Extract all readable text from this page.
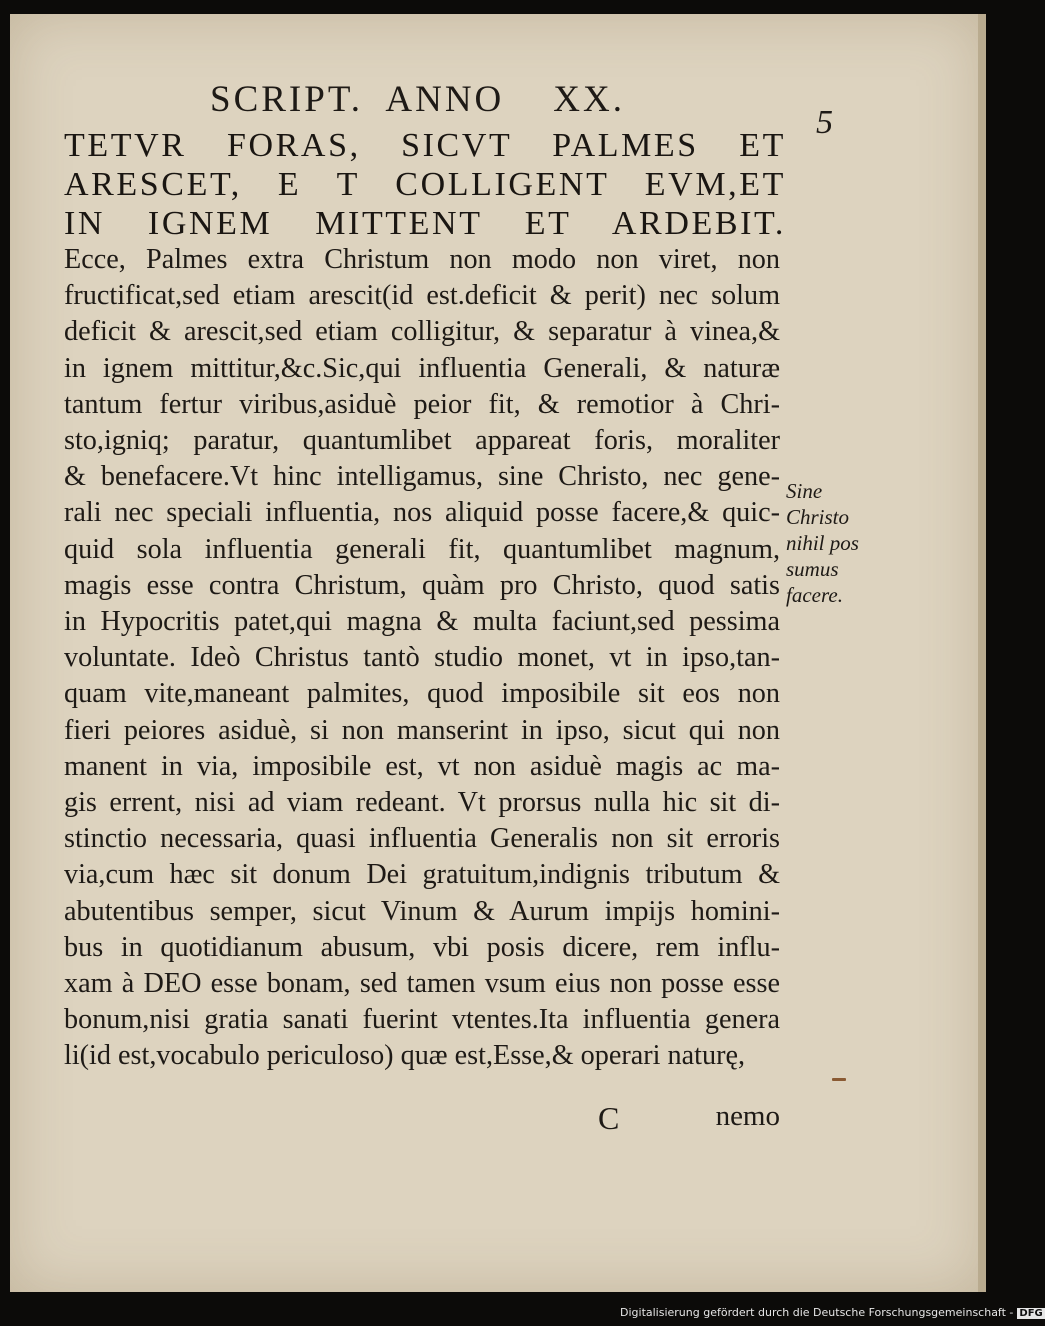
SCRIPT.  ANNO    XX.
5
TETVR FORAS, SICVT PALMES ET
ARESCET, E T COLLIGENT EVM,ET
IN IGNEM MITTENT ET ARDEBIT.
Ecce, Palmes extra Christum non modo non viret, non
fructificat,sed etiam arescit(id est.deficit & perit) nec solum
deficit & arescit,sed etiam colligitur, & separatur à vinea,&
in ignem mittitur,&c.Sic,qui influentia Generali, & naturæ
tantum fertur viribus,asiduè peior fit, & remotior à Chri-
sto,igniq; paratur, quantumlibet appareat foris, moraliter
& benefacere.Vt hinc intelligamus, sine Christo, nec gene-
rali nec speciali influentia, nos aliquid posse facere,& quic-
quid sola influentia generali fit, quantumlibet magnum,
magis esse contra Christum, quàm pro Christo, quod satis
in Hypocritis patet,qui magna & multa faciunt,sed pessima
voluntate. Ideò Christus tantò studio monet, vt in ipso,tan-
quam vite,maneant palmites, quod imposibile sit eos non
fieri peiores asiduè, si non manserint in ipso, sicut qui non
manent in via, imposibile est, vt non asiduè magis ac ma-
gis errent, nisi ad viam redeant. Vt prorsus nulla hic sit di-
stinctio necessaria, quasi influentia Generalis non sit erroris
via,cum hæc sit donum Dei gratuitum,indignis tributum &
abutentibus semper, sicut Vinum & Aurum impijs homini-
bus in quotidianum abusum, vbi posis dicere, rem influ-
xam à DEO esse bonam, sed tamen vsum eius non posse esse
bonum,nisi gratia sanati fuerint vtentes.Ita influentia genera
li(id est,vocabulo periculoso) quæ est,Esse,& operari naturę,
Sine
Christo
nihil pos
sumus
facere.
C	nemo
Digitalisierung gefördert durch die Deutsche Forschungsgemeinschaft - DFG
